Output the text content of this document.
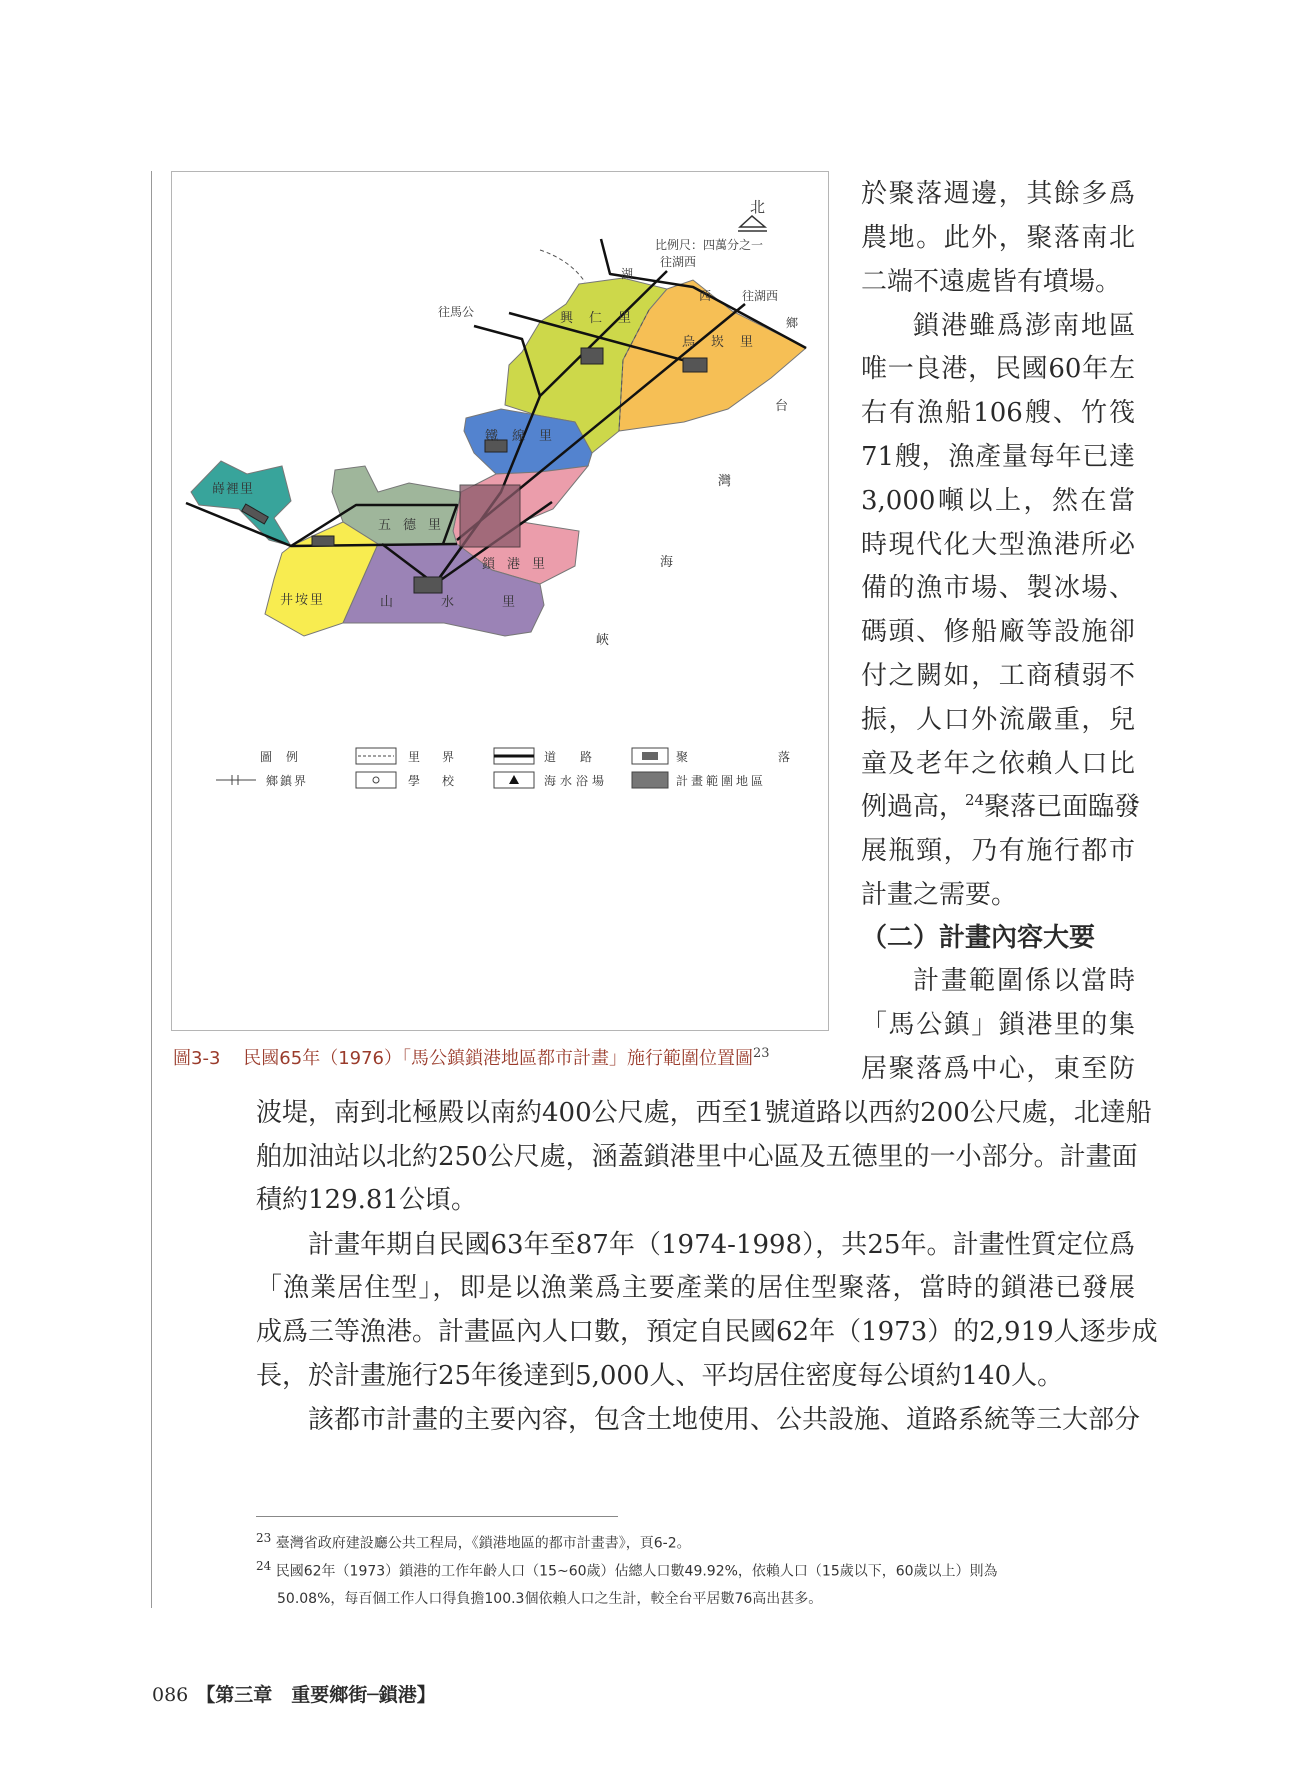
興仁里
烏崁里
鐵線里
鎖港里
五德里
井垵里	山水里
嵵裡里
台
灣
海
峽
北
比例尺：四萬分之一
往湖西
湖
西	往湖西
鄉
往馬公
圖例	里界	道路	聚落
鄉鎮界	學校	海水浴場	計畫範圍地區
圖3-3 民國65年（1976）「馬公鎮鎖港地區都市計畫」施行範圍位置圖$^{23}$
於聚落週邊，其餘多爲
農地。此外，聚落南北
二端不遠處皆有墳場。
鎖港雖爲澎南地區
唯一良港，民國60年左
右有漁船106艘、竹筏
71艘，漁產量每年已達
3,000噸以上，然在當
時現代化大型漁港所必
備的漁市場、製冰場、
碼頭、修船廠等設施卻
付之闕如，工商積弱不
振，人口外流嚴重，兒
童及老年之依賴人口比
例過高，$^{24}$聚落已面臨發
展瓶頸，乃有施行都市
計畫之需要。
（二）計畫內容大要
計畫範圍係以當時
「馬公鎮」鎖港里的集
居聚落爲中心，東至防
波堤，南到北極殿以南約400公尺處，西至1號道路以西約200公尺處，北達船
舶加油站以北約250公尺處，涵蓋鎖港里中心區及五德里的一小部分。計畫面
積約129.81公頃。
計畫年期自民國63年至87年（1974-1998），共25年。計畫性質定位爲
「漁業居住型」，即是以漁業爲主要產業的居住型聚落，當時的鎖港已發展
成爲三等漁港。計畫區內人口數，預定自民國62年（1973）的2,919人逐步成
長，於計畫施行25年後達到5,000人、平均居住密度每公頃約140人。
該都市計畫的主要內容，包含土地使用、公共設施、道路系統等三大部分
$^{23}$ 臺灣省政府建設廳公共工程局，《鎖港地區的都市計畫書》，頁6-2。
$^{24}$ 民國62年（1973）鎖港的工作年齡人口（15~60歲）佔總人口數49.92%，依賴人口（15歲以下，60歲以上）則為
50.08%，每百個工作人口得負擔100.3個依賴人口之生計，較全台平居數76高出甚多。
086 【第三章　重要鄉街─鎖港】
